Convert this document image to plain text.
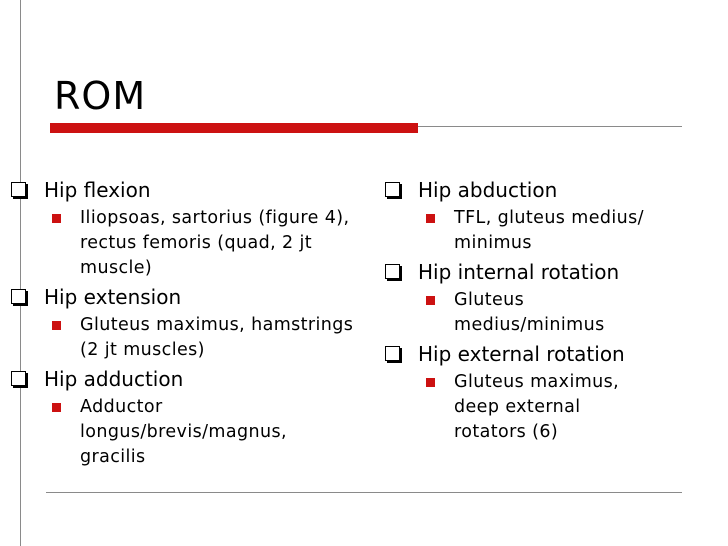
ROM
Hip flexion
Iliopsoas, sartorius (figure 4), rectus femoris (quad, 2 jt muscle)
Hip extension
Gluteus maximus, hamstrings (2 jt muscles)
Hip adduction
Adductor longus/brevis/magnus, gracilis
Hip abduction
TFL, gluteus medius/ minimus
Hip internal rotation
Gluteus medius/minimus
Hip external rotation
Gluteus maximus, deep external rotators (6)
